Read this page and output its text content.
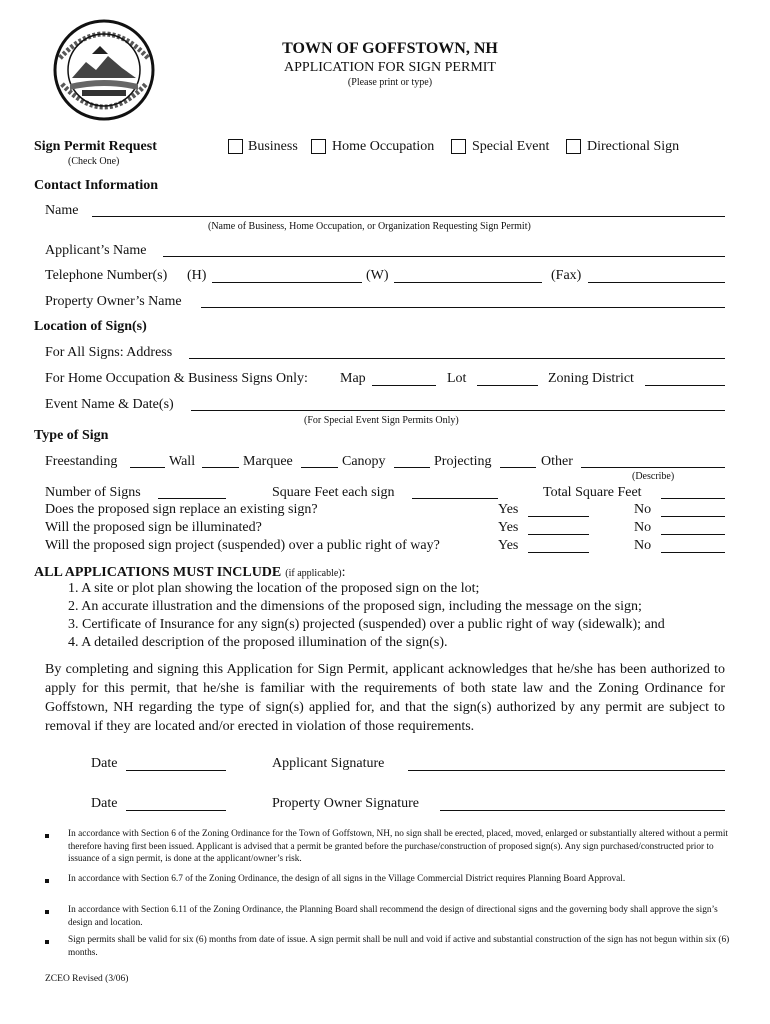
TOWN OF GOFFSTOWN, NH
APPLICATION FOR SIGN PERMIT
(Please print or type)
Sign Permit Request
(Check One)
Business Home Occupation	Special Event	Directional Sign
Contact Information
Name
(Name of Business, Home Occupation, or Organization Requesting Sign Permit)
Applicant’s Name
Telephone Number(s) (H)	(W)	(Fax)
Property Owner’s Name
Location of Sign(s)
For All Signs: Address
For Home Occupation & Business Signs Only: Map	Lot	Zoning District
Event Name & Date(s)
(For Special Event Sign Permits Only)
Type of Sign
Freestanding	Wall	Marquee	Canopy	Projecting	Other
(Describe)
Number of Signs	Square Feet each sign	Total Square Feet
Does the proposed sign replace an existing sign?	Yes	No
Will the proposed sign be illuminated?	Yes	No
Will the proposed sign project (suspended) over a public right of way?	Yes	No
ALL APPLICATIONS MUST INCLUDE (if applicable):
1. A site or plot plan showing the location of the proposed sign on the lot;
2. An accurate illustration and the dimensions of the proposed sign, including the message on the sign;
3. Certificate of Insurance for any sign(s) projected (suspended) over a public right of way (sidewalk); and
4. A detailed description of the proposed illumination of the sign(s).
By completing and signing this Application for Sign Permit, applicant acknowledges that he/she has been authorized to apply for this permit, that he/she is familiar with the requirements of both state law and the Zoning Ordinance for Goffstown, NH regarding the type of sign(s) applied for, and that the sign(s) authorized by any permit are subject to removal if they are located and/or erected in violation of those requirements.
Date	Applicant Signature
Date	Property Owner Signature
In accordance with Section 6 of the Zoning Ordinance for the Town of Goffstown, NH, no sign shall be erected, placed, moved, enlarged or substantially altered without a permit therefore having first been issued. Applicant is advised that a permit be granted before the purchase/construction of proposed sign(s). Any sign purchased/constructed prior to issuance of a sign permit, is done at the applicant/owner’s risk.
In accordance with Section 6.7 of the Zoning Ordinance, the design of all signs in the Village Commercial District requires Planning Board Approval.
In accordance with Section 6.11 of the Zoning Ordinance, the Planning Board shall recommend the design of directional signs and the governing body shall approve the sign’s design and location.
Sign permits shall be valid for six (6) months from date of issue. A sign permit shall be null and void if active and substantial construction of the sign has not begun within six (6) months.
ZCEO Revised (3/06)
